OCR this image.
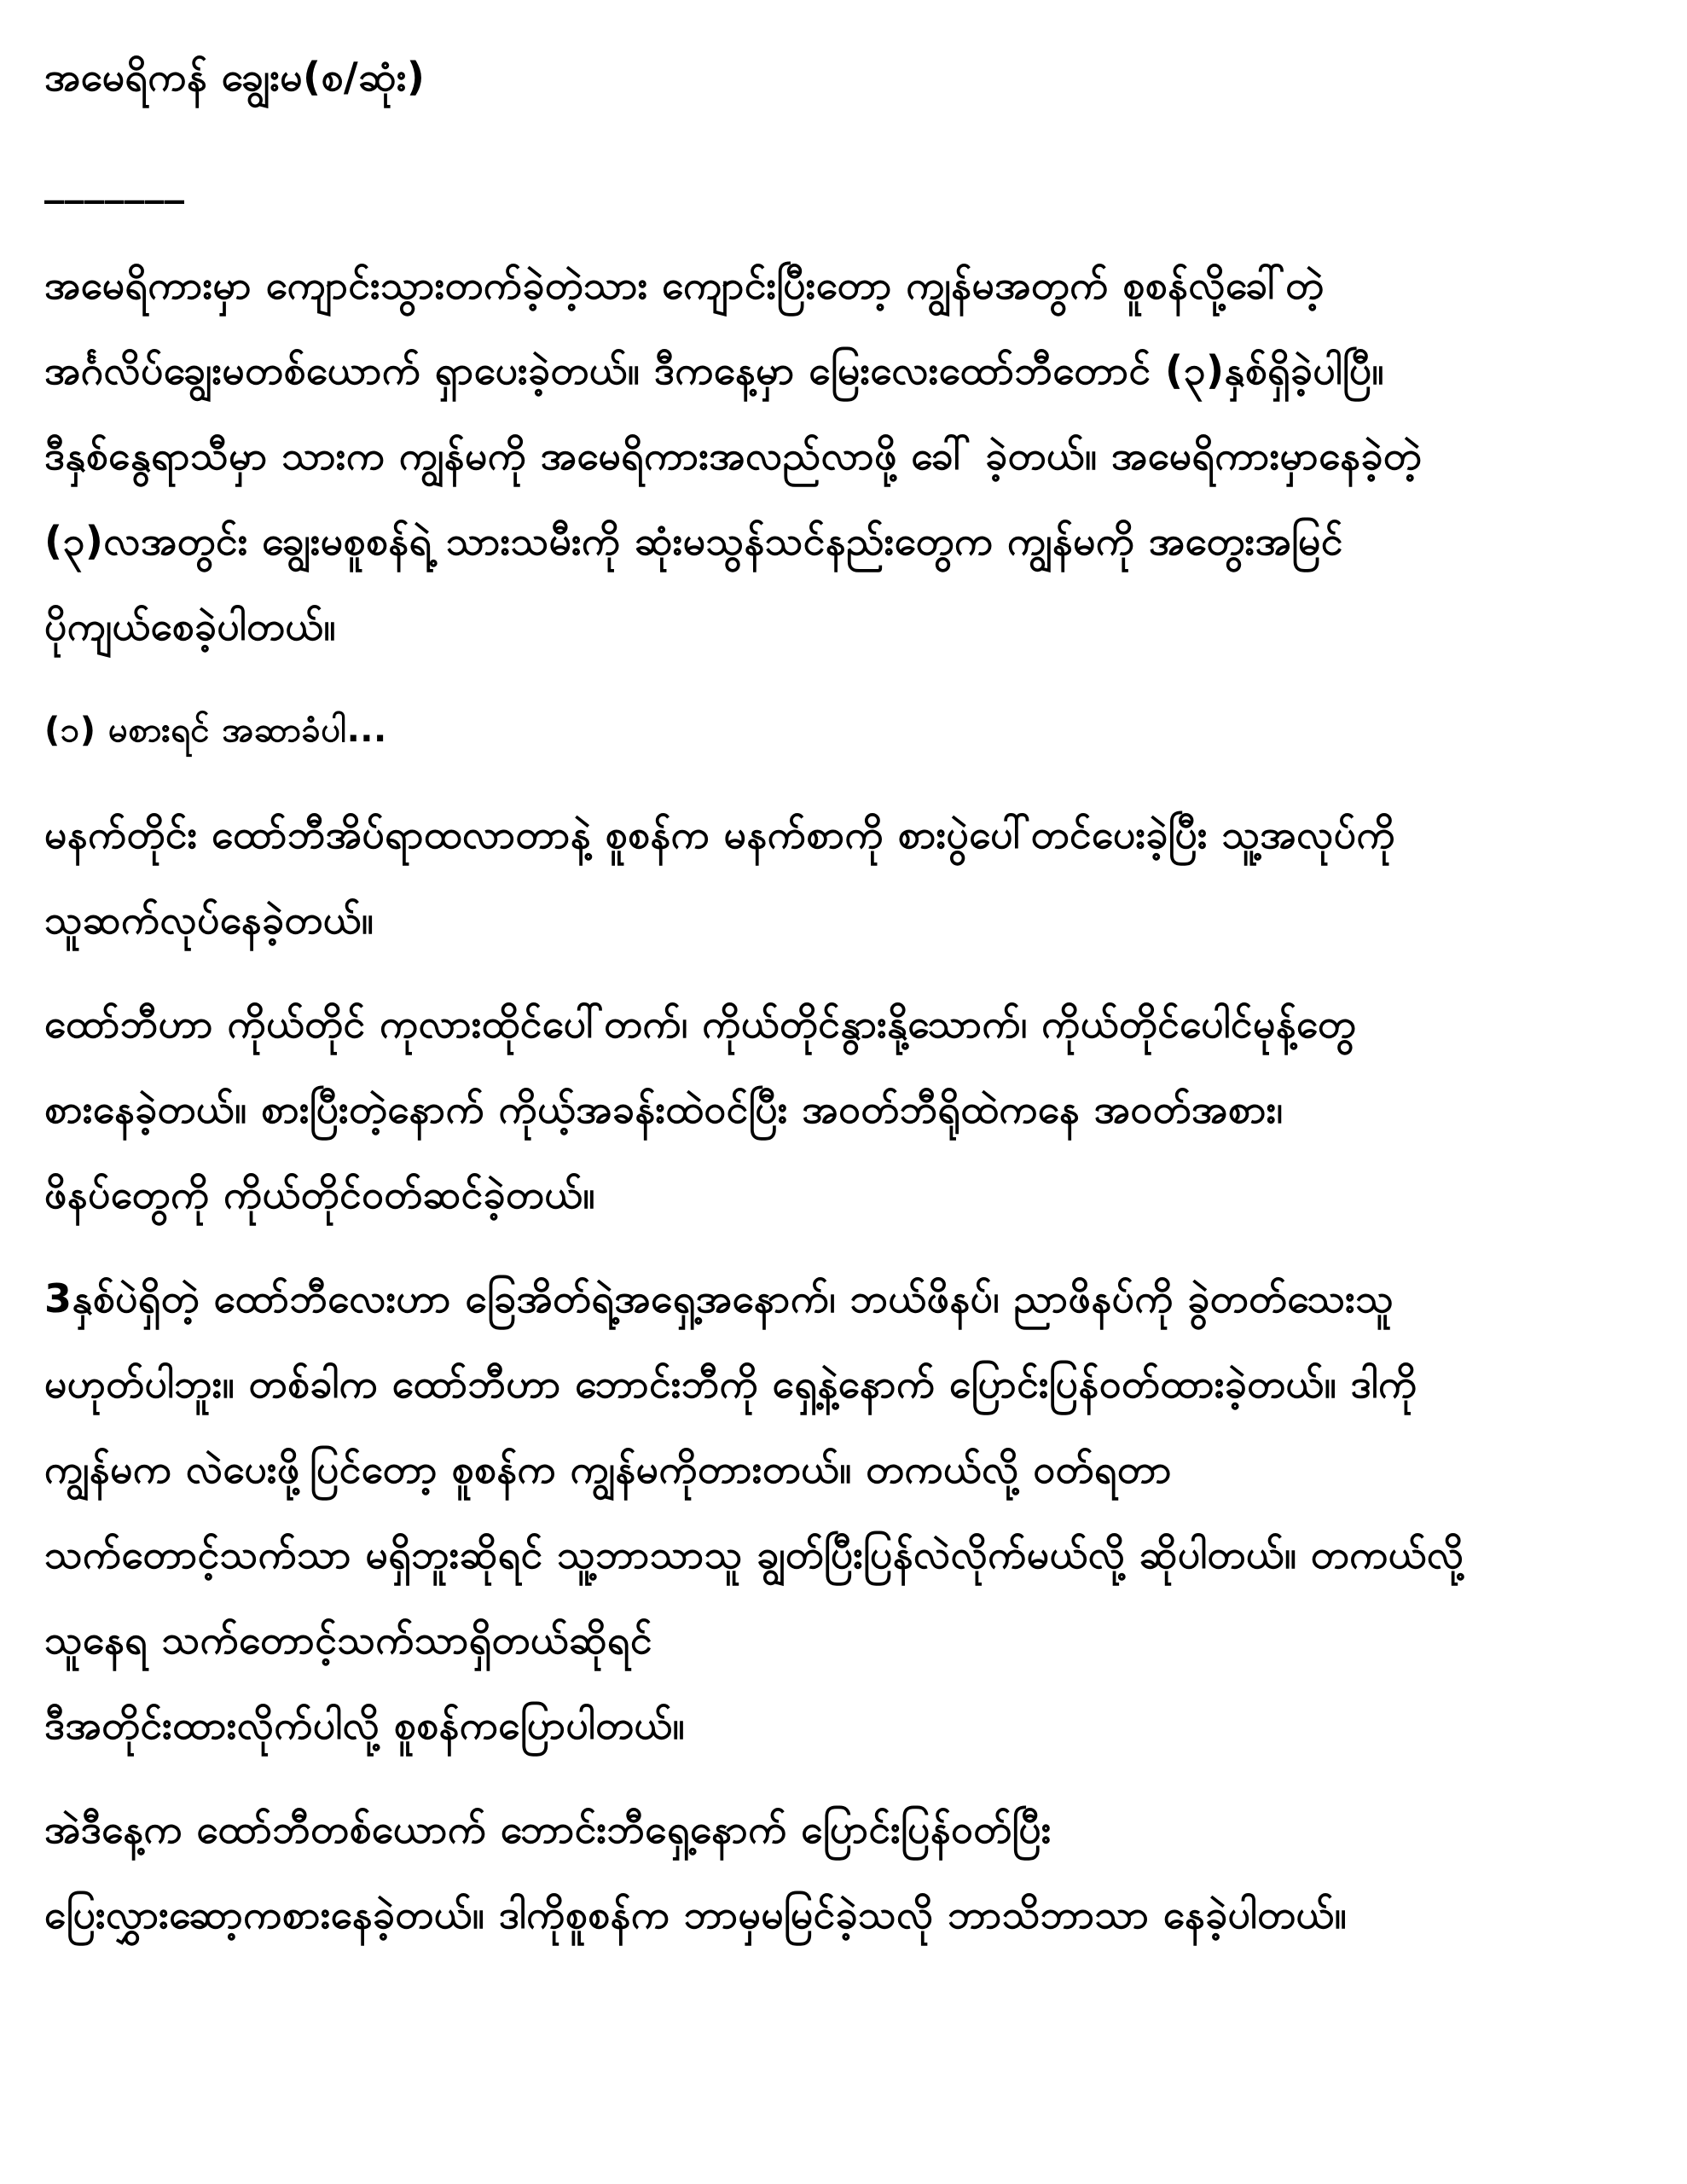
အမေရိကန် ချွေးမ(စ/ဆုံး)
_______
အမေရိကားမှာ ကျောင်းသွားတက်ခဲ့တဲ့သား ကျောင်းပြီးတော့ ကျွန်မအတွက် စူစန်လို့ခေါ်တဲ့
အင်္ဂလိပ်ချွေးမတစ်ယောက် ရှာပေးခဲ့တယ်။ ဒီကနေ့မှာ မြေးလေးထော်ဘီတောင် (၃)နှစ်ရှိခဲ့ပါပြီ။
ဒီနှစ်နွေရာသီမှာ သားက ကျွန်မကို အမေရိကားအလည်လာဖို့ ခေါ် ခဲ့တယ်။ အမေရိကားမှာနေခဲ့တဲ့
(၃)လအတွင်း ချွေးမစူစန်ရဲ့ သားသမီးကို ဆုံးမသွန်သင်နည်းတွေက ကျွန်မကို အတွေးအမြင်
ပိုကျယ်စေခဲ့ပါတယ်။
(၁) မစားရင် အဆာခံပါ...
မနက်တိုင်း ထော်ဘီအိပ်ရာထလာတာနဲ့ စူစန်က မနက်စာကို စားပွဲပေါ်တင်ပေးခဲ့ပြီး သူ့အလုပ်ကို
သူဆက်လုပ်နေခဲ့တယ်။
ထော်ဘီဟာ ကိုယ်တိုင် ကုလားထိုင်ပေါ်တက်၊ ကိုယ်တိုင်နွားနို့သောက်၊ ကိုယ်တိုင်ပေါင်မုန့်တွေ
စားနေခဲ့တယ်။ စားပြီးတဲ့နောက် ကိုယ့်အခန်းထဲဝင်ပြီး အဝတ်ဘီရိုထဲကနေ အဝတ်အစား၊
ဖိနပ်တွေကို ကိုယ်တိုင်ဝတ်ဆင်ခဲ့တယ်။
3နှစ်ပဲရှိတဲ့ ထော်ဘီလေးဟာ ခြေအိတ်ရဲ့အရှေ့အနောက်၊ ဘယ်ဖိနပ်၊ ညာဖိနပ်ကို ခွဲတတ်သေးသူ
မဟုတ်ပါဘူး။ တစ်ခါက ထော်ဘီဟာ ဘောင်းဘီကို ရှေ့နဲ့နောက် ပြောင်းပြန်ဝတ်ထားခဲ့တယ်။ ဒါကို
ကျွန်မက လဲပေးဖို့ပြင်တော့ စူစန်က ကျွန်မကိုတားတယ်။ တကယ်လို့ ဝတ်ရတာ
သက်တောင့်သက်သာ မရှိဘူးဆိုရင် သူ့ဘာသာသူ ချွတ်ပြီးပြန်လဲလိုက်မယ်လို့ ဆိုပါတယ်။ တကယ်လို့
သူနေရ သက်တောင့်သက်သာရှိတယ်ဆိုရင်
ဒီအတိုင်းထားလိုက်ပါလို့ စူစန်ကပြောပါတယ်။
အဲဒီနေ့က ထော်ဘီတစ်ယောက် ဘောင်းဘီရှေ့နောက် ပြောင်းပြန်ဝတ်ပြီး
ပြေးလွှားဆော့ကစားနေခဲ့တယ်။ ဒါကိုစူစန်က ဘာမှမမြင်ခဲ့သလို ဘာသိဘာသာ နေခဲ့ပါတယ်။
